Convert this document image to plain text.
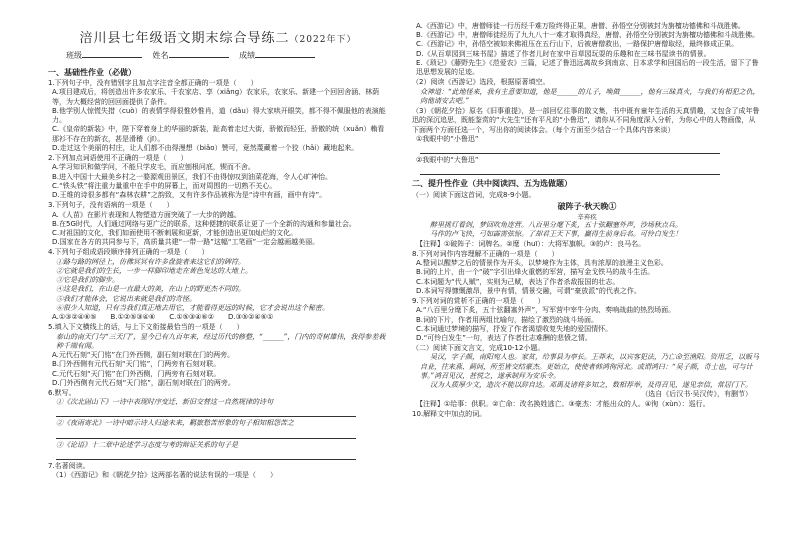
涪川县七年级语文期末综合导练二（2022年下）
班级	姓名	成绩
一、基础性作业（必做）

1.下列句子中，没有错别字且加点字注音全都正确的一项是（　　）

A.项目建成后，将创造出许多农家乐、千农家店、享（xiǎng）农家乐，农家乐、新建一个回回舍涵、林荫等，为大概经营的回回面提供了条件。

B.他学别人惊慌失措（cuò）的表情学得很惟妙惟肖，道（dǎu）得大家哄开眼笑，都不得不佩服他的表演能力。

C.《皇帝的新装》中，陛下穿着身上的华丽的新装，趾高着走过大街，骄傲而轻狂，骄傲的统（xuǎn）賴看那衫不存在的新衣，甚是滑稽（jī）。

D.走过这个美丽的村庄，让人们都不由得漫想（biǎo）赞可，竟然蔑藏着一个狡（hǎi）藏地起来。

2.下列加点词语使用不正确的一项是（　　）

A.学习知识和做学问，不能只学皮毛，而应刨根问底，锲而不舍。

B.进入中国十大最美乡村之一婺源观田景区，我们不由得惊叹到油菜花海，令人心旷神怡。

C.“铁头铁”将注重力量重中在手中的屏幕上，而对周围的一切熟不关心。

D.王维的诗很多都有“森林农耕”之韵致，又有许多作品被称为是“诗中有画，画中有诗”。

3.下列句子，没有语病的一项是（　　）

A.《人苗》在影片表现和人物塑造方面突破了一大步的跨越。

B.在5G时代，人们通过网络与更广泛的联系，这种便捷的联系让更了一个全新的沟通和参量社会。

C.对祖国的文化，我们如面使用不断刺展和更新，才能创造出更加灿烂的文化。

D.国家在各方的共同参与下，高质量共建“一带一路”这幅“工笔画”一定会越画越美丽。

4.下列句子组成语段顺序排列正确的一项是（　　）

①路与路的网径上，仿佛冥冥有许多盘旋者来这它们的碑符。

②它就是我们的生长，一步一样脚印地走在黄色发达的大地上。

③它是我们的脚步。

④这是我们，在山是一直最大的美，在山上的野更杰不同的。

⑤我们才能体会，它说出来就是我们的奇怪。

⑥很少人知道，只有当我们真正地去用它，才能看得更远的时候，它才会说出这个秘密。

A.①③②④⑥⑤　　B.①②⑤③④⑥　　C.①⑤③④⑥②　　D.③⑤②④⑥①

5.填入下文横线上的话，与上下文衔接最恰当的一项是（　　）

泰山的南天门与“三天门”，显今已有九百年来，经过历代的修整，“______”，门内的奇树雄伟，我得参差栽种千端有闻。

A.元代石刻“天门铭”在门外西侧，副石刻对联在门的两旁。

B.门外西侧有元代石刻“天门铭”，门两旁有石刻对联。

C.元代石刻“天门铭”在门外西侧，门两旁有石刻对联。

D.门外西侧有元代石刻“天门铭”，副石刻对联在门的两旁。

6.默写。

①《次北固山下》一诗中表现时序变迁、新旧交替这一自然规律的诗句

②《夜雨寄北》一诗中暗示诗人归途未来，羁旅愁苦形象的句子相知相怨苦之

③《论语》十二章中论述学习态度与考的辩证关系的句子是

7.名著阅读。

（1）《西游记》和《朝花夕拾》这两部名著的说法有误的一项是（　　）

A.《西游记》中，唐僧师徒一行历经千难万险终得正果，唐僧、孙悟空分别被封为旃檀功德佛和斗战胜佛。

B.《西游记》中，唐僧师徒经历了九九八十一难才取得真经，唐僧、孙悟空分别被封为旃檀功德佛和斗战胜佛。

C.《西游记》中，孙悟空被如来佛祖压在五行山下，后被唐僧救出，一路保护唐僧取经，最终修成正果。

D.《从百草园到三味书屋》描述了作者儿时在家中百草园玩耍的乐趣和在三味书屋读书的情景。

E.《琐记》《藤野先生》《范爱农》三篇，记述了鲁迅远离故乡到南京、日本求学和回国后的一段生活，留下了鲁迅思想发展的足迹。

（2）阅读《西游记》选段，根据原著填空。

众神道：“此地怪来，我有主意要知道，他是______的儿子，唤做______，他有三昧真火，与我们有相犯之仇，向他请安去吧。”

（3）《朝花夕拾》原名《旧事重提》，是一部回忆往事的散文集，书中既有童年生活的天真情趣，又包含了成年鲁迅的深沉追思，既能鉴赏的“大先生”还有平凡的“小鲁迅”，请你从不同角度深入分析，为你心中的人物画像，从下面两个方面任选一个，写出你的阅读体会。（每个方面至少结合一个具体内容来谈）

①我眼中的“小鲁迅”

②我眼中的“大鲁迅”

二、提升性作业（共中阅读四、五为选做题）

（一）阅读下面这首词，完成8-9小题。

破阵子·秋天晚①
辛弃疾

醉里挑灯看剑，梦回吹角连营。八百里分麾下炙，五十弦翻塞外声，沙场秋点兵。

马作的卢飞快，弓如霹雳弦惊。了却君王天下事，赢得生前身后名。可怜白发生！

【注释】①破阵子：词牌名。②麾（huī）：大将军旗帜。③的卢：良马名。

8.下列对词作内容理解不正确的一项是（　　）

A.整词以醒梦之后的情景作为开头，以梦境作为主体，具有浓厚的浪漫主义色彩。

B.词的上片，由一个“破”字引出烽火重燃的军营，描写金戈铁马的战斗生活。

C.本词题为“代人赋”，实则为己赋，表达了作者杀敌报国的壮志。

D.本词写得慷慨激昂，景中有情，情景交融，可谓“豪放派”的代表之作。

9.下列对词的赏析不正确的一项是（　　）

A.“八百里分麾下炙，五十弦翻塞外声”，写军营中宰牛分肉、奏响战曲的热烈场面。

B.词的下片，作者用两组比喻句，描绘了激烈的战斗场面。

C.本词通过梦境的描写，抒发了作者渴望收复失地的爱国情怀。

D.“可怜白发生”一句，表达了作者壮志难酬的悲愤之情。

（二）阅读下面文言文，完成10-12小题。

吴汉，字子颜，南阳宛人也。家贫，给事县为亭长。王莽末，以宾客犯法，乃亡命至渔阳。资用乏，以贩马自业，往来燕、蓟间，所至皆交结豪杰。更始立，使使者韩鸿徇河北。或谓鸿曰：“吴子颜，奇士也，可与计事。”鸿召见汉，甚悦之，遂承制拜为安乐令。

汉为人质厚少文，造次不能以辞自达。邓禹及诸将多知之，数相荐举，及得召见，遂见亲信，常居门下。

（选自《后汉书·吴汉传》，有删节）

【注释】①给事：供职。②亡命：改名换姓逃亡。③豪杰：才能出众的人。④徇（xùn）：巡行。

10.解释文中加点的词。
